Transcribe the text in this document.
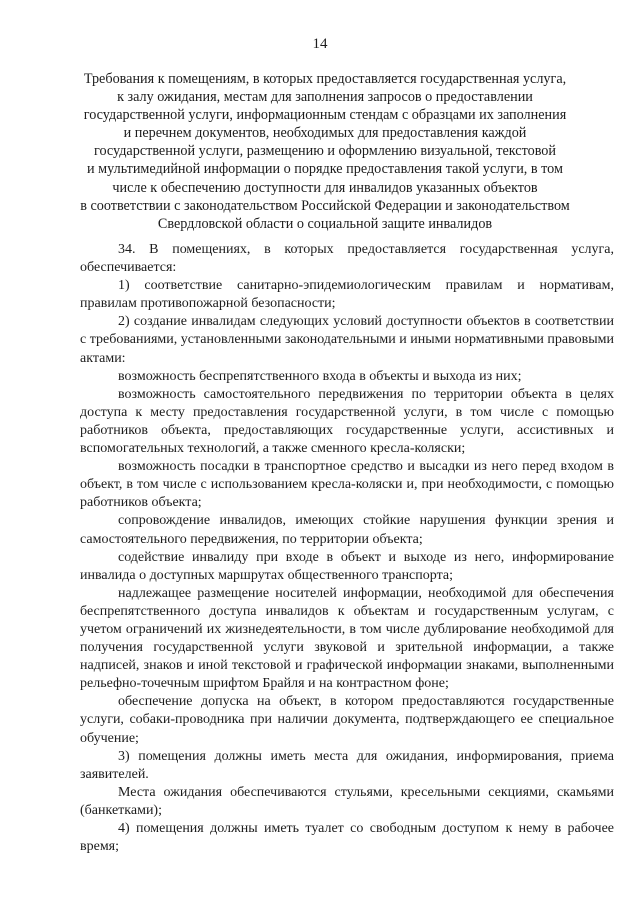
14
Требования к помещениям, в которых предоставляется государственная услуга,
к залу ожидания, местам для заполнения запросов о предоставлении
государственной услуги, информационным стендам с образцами их заполнения
и перечнем документов, необходимых для предоставления каждой
государственной услуги, размещению и оформлению визуальной, текстовой
и мультимедийной информации о порядке предоставления такой услуги, в том
числе к обеспечению доступности для инвалидов указанных объектов
в соответствии с законодательством Российской Федерации и законодательством
Свердловской области о социальной защите инвалидов

34. В помещениях, в которых предоставляется государственная услуга, обеспечивается:

1) соответствие санитарно-эпидемиологическим правилам и нормативам, правилам противопожарной безопасности;

2) создание инвалидам следующих условий доступности объектов в соответствии с требованиями, установленными законодательными и иными нормативными правовыми актами:

возможность беспрепятственного входа в объекты и выхода из них;

возможность самостоятельного передвижения по территории объекта в целях доступа к месту предоставления государственной услуги, в том числе с помощью работников объекта, предоставляющих государственные услуги, ассистивных и вспомогательных технологий, а также сменного кресла-коляски;

возможность посадки в транспортное средство и высадки из него перед входом в объект, в том числе с использованием кресла-коляски и, при необходимости, с помощью работников объекта;

сопровождение инвалидов, имеющих стойкие нарушения функции зрения и самостоятельного передвижения, по территории объекта;

содействие инвалиду при входе в объект и выходе из него, информирование инвалида о доступных маршрутах общественного транспорта;

надлежащее размещение носителей информации, необходимой для обеспечения беспрепятственного доступа инвалидов к объектам и государственным услугам, с учетом ограничений их жизнедеятельности, в том числе дублирование необходимой для получения государственной услуги звуковой и зрительной информации, а также надписей, знаков и иной текстовой и графической информации знаками, выполненными рельефно-точечным шрифтом Брайля и на контрастном фоне;

обеспечение допуска на объект, в котором предоставляются государственные услуги, собаки-проводника при наличии документа, подтверждающего ее специальное обучение;

3) помещения должны иметь места для ожидания, информирования, приема заявителей.

Места ожидания обеспечиваются стульями, кресельными секциями, скамьями (банкетками);

4) помещения должны иметь туалет со свободным доступом к нему в рабочее время;
